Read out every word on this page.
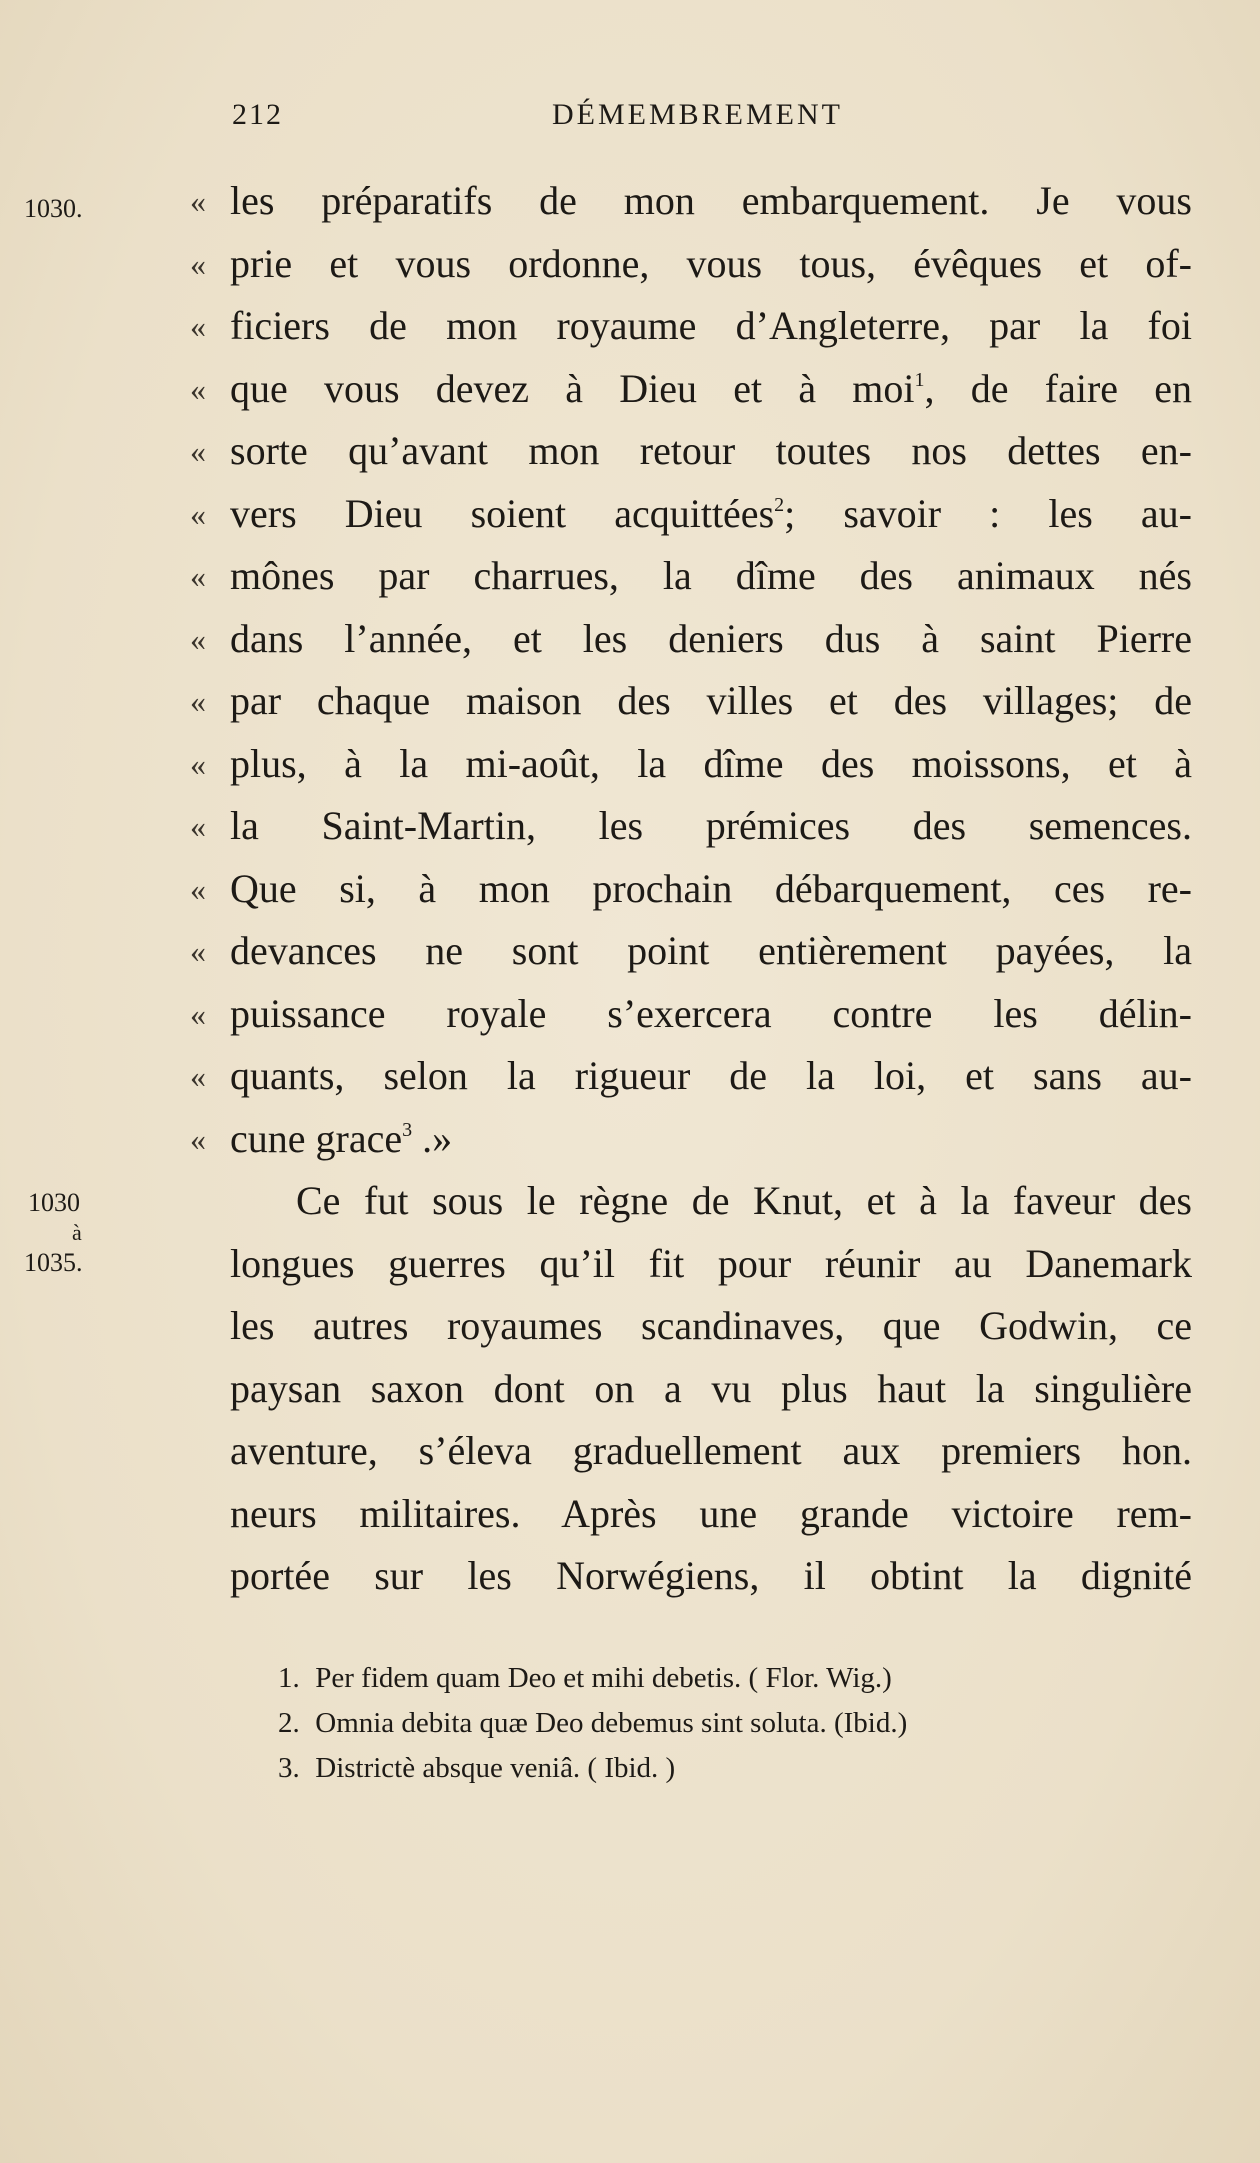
212	DÉMEMBREMENT
1030.
1030
à
1035.
« les préparatifs de mon embarquement. Je vous
« prie et vous ordonne, vous tous, évêques et of-
« ficiers de mon royaume d’Angleterre, par la foi
« que vous devez à Dieu et à moi$^1$, de faire en
« sorte qu’avant mon retour toutes nos dettes en-
« vers Dieu soient acquittées$^2$; savoir : les au-
« mônes par charrues, la dîme des animaux nés
« dans l’année, et les deniers dus à saint Pierre
« par chaque maison des villes et des villages; de
« plus, à la mi-août, la dîme des moissons, et à
« la Saint-Martin, les prémices des semences.
« Que si, à mon prochain débarquement, ces re-
« devances ne sont point entièrement payées, la
« puissance royale s’exercera contre les délin-
« quants, selon la rigueur de la loi, et sans au-
« cune grace$^3$ .»
Ce fut sous le règne de Knut, et à la faveur des
longues guerres qu’il fit pour réunir au Danemark
les autres royaumes scandinaves, que Godwin, ce
paysan saxon dont on a vu plus haut la singulière
aventure, s’éleva graduellement aux premiers hon.
neurs militaires. Après une grande victoire rem-
portée sur les Norwégiens, il obtint la dignité
1. Per fidem quam Deo et mihi debetis. ( Flor. Wig.)
2. Omnia debita quæ Deo debemus sint soluta. (Ibid.)
3. Districtè absque veniâ. ( Ibid. )
